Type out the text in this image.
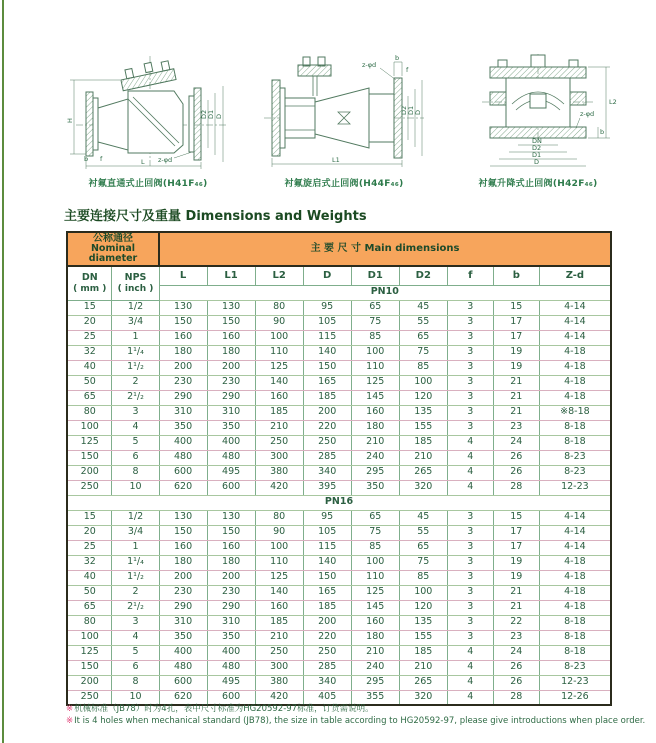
H
D2 D1 D
L
b f	z-φd
衬氟直通式止回阀(H41F₄₆)
b
f
z-φd
D2 D1 D
L1
衬氟旋启式止回阀(H44F₄₆)
z-φd
DN
D2
D1
D
L2
b
衬氟升降式止回阀(H42F₄₆)
主要连接尺寸及重量 Dimensions and Weights
公称通径
Nominal diameter		主 要 尺 寸 Main dimensions								
DN
( mm )	NPS
( inch )	L	L1	L2	D	D1	D2	f	b	Z-d
		PN10								
15	1/2	130	130	80	95	65	45	3	15	4-14
20	3/4	150	150	90	105	75	55	3	17	4-14
25	1	160	160	100	115	85	65	3	17	4-14
32	1¹/₄	180	180	110	140	100	75	3	19	4-18
40	1¹/₂	200	200	125	150	110	85	3	19	4-18
50	2	230	230	140	165	125	100	3	21	4-18
65	2¹/₂	290	290	160	185	145	120	3	21	4-18
80	3	310	310	185	200	160	135	3	21	※8-18
100	4	350	350	210	220	180	155	3	23	8-18
125	5	400	400	250	250	210	185	4	24	8-18
150	6	480	480	300	285	240	210	4	26	8-23
200	8	600	495	380	340	295	265	4	26	8-23
250	10	620	600	420	395	350	320	4	28	12-23
PN16										
15	1/2	130	130	80	95	65	45	3	15	4-14
20	3/4	150	150	90	105	75	55	3	17	4-14
25	1	160	160	100	115	85	65	3	17	4-14
32	1¹/₄	180	180	110	140	100	75	3	19	4-18
40	1¹/₂	200	200	125	150	110	85	3	19	4-18
50	2	230	230	140	165	125	100	3	21	4-18
65	2¹/₂	290	290	160	185	145	120	3	21	4-18
80	3	310	310	185	200	160	135	3	22	8-18
100	4	350	350	210	220	180	155	3	23	8-18
125	5	400	400	250	250	210	185	4	24	8-18
150	6	480	480	300	285	240	210	4	26	8-23
200	8	600	495	380	340	295	265	4	26	12-23
250	10	620	600	420	405	355	320	4	28	12-26
※机械标准（JB78）时为4孔，表中尺寸标准为HG20592-97标准，订货需说明。
※It is 4 holes when mechanical standard (JB78), the size in table according to HG20592-97, please give introductions when place order.
